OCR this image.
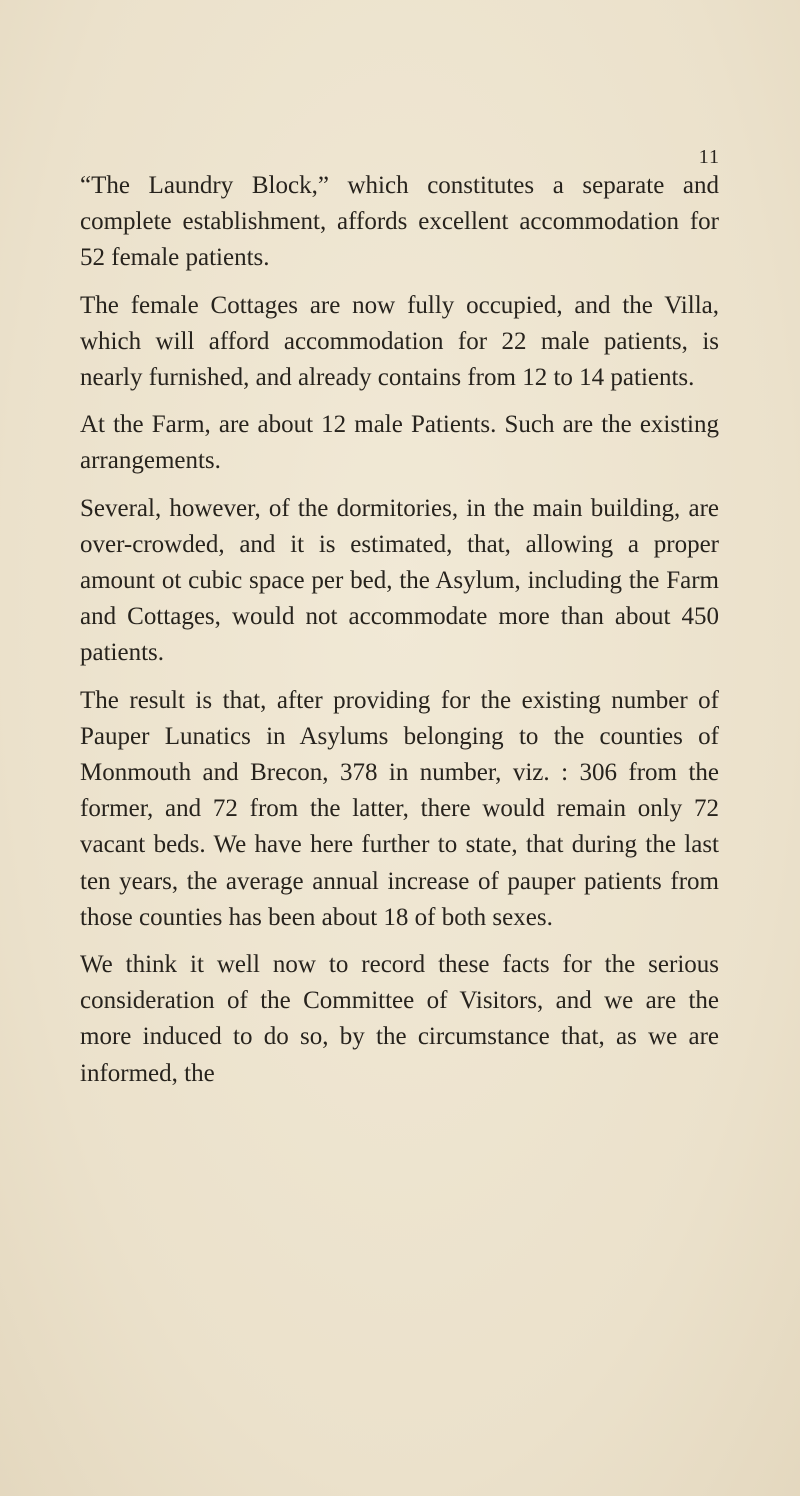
11

“The Laundry Block,” which constitutes a separate and complete establishment, affords excellent accommodation for 52 female patients.

The female Cottages are now fully occupied, and the Villa, which will afford accommodation for 22 male patients, is nearly furnished, and already contains from 12 to 14 patients.

At the Farm, are about 12 male Patients. Such are the existing arrangements.

Several, however, of the dormitories, in the main building, are over-crowded, and it is estimated, that, allowing a proper amount ot cubic space per bed, the Asylum, including the Farm and Cottages, would not accommodate more than about 450 patients.

The result is that, after providing for the existing number of Pauper Lunatics in Asylums belonging to the counties of Monmouth and Brecon, 378 in number, viz. : 306 from the former, and 72 from the latter, there would remain only 72 vacant beds. We have here further to state, that during the last ten years, the average annual increase of pauper patients from those counties has been about 18 of both sexes.

We think it well now to record these facts for the serious consideration of the Committee of Visitors, and we are the more induced to do so, by the circumstance that, as we are informed, the
